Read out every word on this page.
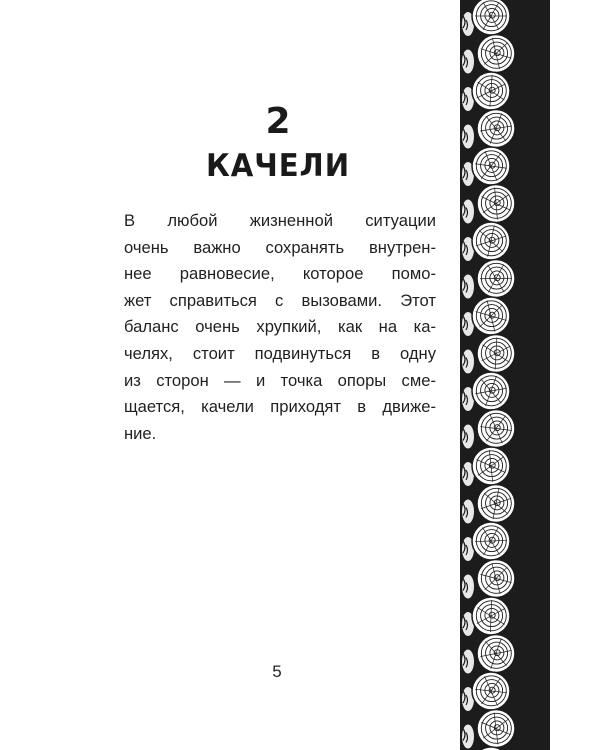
2
КАЧЕЛИ

В любой жизненной ситуации
очень важно сохранять внутрен-
нее равновесие, которое помо-
жет справиться с вызовами. Этот
баланс очень хрупкий, как на ка-
челях, стоит подвинуться в одну
из сторон — и точка опоры сме-
щается, качели приходят в движе-
ние.

5
